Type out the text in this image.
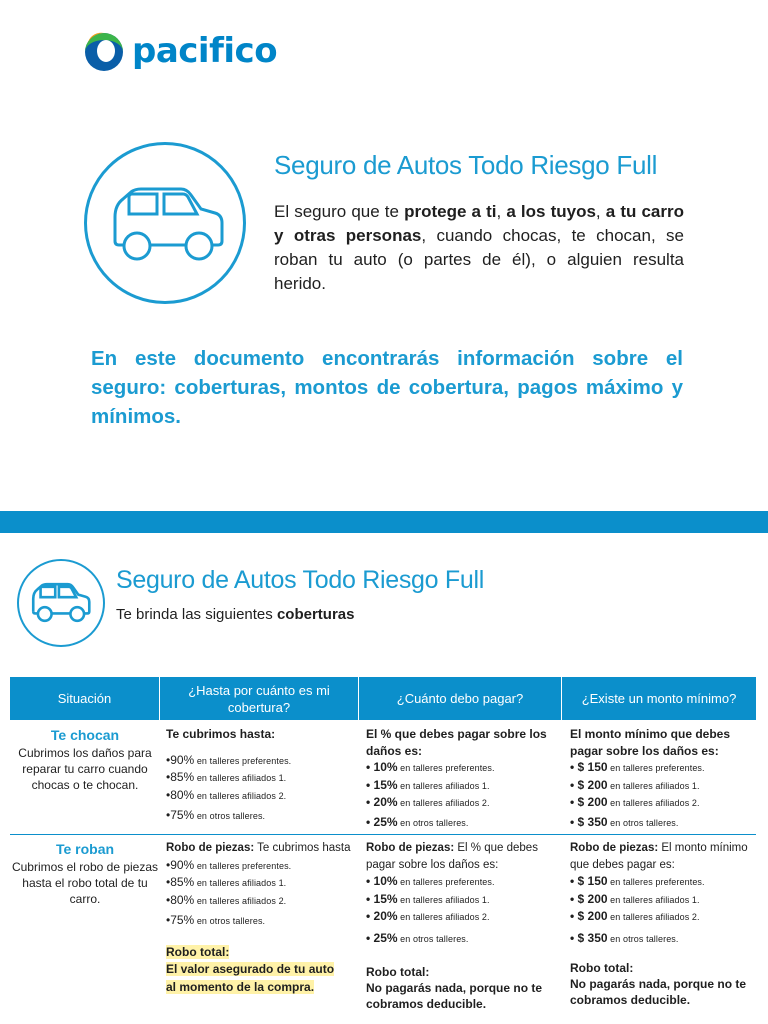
pacifico
Seguro de Autos Todo Riesgo Full

El seguro que te protege a ti, a los tuyos, a tu carro y otras personas, cuando chocas, te chocan, se roban tu auto (o partes de él), o alguien resulta herido.

En este documento encontrarás información sobre el seguro: coberturas, montos de cobertura, pagos máximo y mínimos.

Seguro de Autos Todo Riesgo Full
Te brinda las siguientes coberturas
Situación
¿Hasta por cuánto es mi cobertura?
¿Cuánto debo pagar?	¿Existe un monto mínimo?
Te chocan
Cubrimos los daños para reparar tu carro cuando chocas o te chocan.
Te cubrimos hasta:
•90% en talleres preferentes.
•85% en talleres afiliados 1.
•80% en talleres afiliados 2.
•75% en otros talleres.
El % que debes pagar sobre los daños es:
• 10% en talleres preferentes.
• 15% en talleres afiliados 1.
• 20% en talleres afiliados 2.
• 25% en otros talleres.
El monto mínimo que debes pagar sobre los daños es:
• $ 150 en talleres preferentes.
• $ 200 en talleres afiliados 1.
• $ 200 en talleres afiliados 2.
• $ 350 en otros talleres.
Te roban
Cubrimos el robo de piezas hasta el robo total de tu carro.
Robo de piezas: Te cubrimos hasta
•90% en talleres preferentes.
•85% en talleres afiliados 1.
•80% en talleres afiliados 2.
•75% en otros talleres.
Robo total:
El valor asegurado de tu auto al momento de la compra.
Robo de piezas: El % que debes pagar sobre los daños es:
• 10% en talleres preferentes.
• 15% en talleres afiliados 1.
• 20% en talleres afiliados 2.
• 25% en otros talleres.
Robo total:
No pagarás nada, porque no te cobramos deducible.
Robo de piezas: El monto mínimo que debes pagar es:
• $ 150 en talleres preferentes.
• $ 200 en talleres afiliados 1.
• $ 200 en talleres afiliados 2.
• $ 350 en otros talleres.
Robo total:
No pagarás nada, porque no te cobramos deducible.
